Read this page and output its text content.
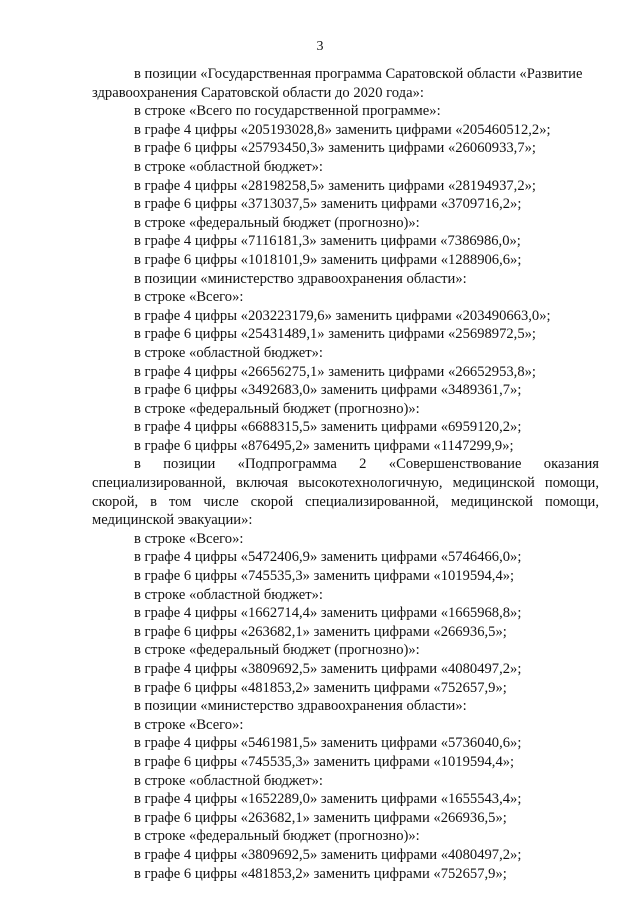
3
в позиции «Государственная программа Саратовской области «Развитие
здравоохранения Саратовской области до 2020 года»:
в строке «Всего по государственной программе»:
в графе 4 цифры «205193028,8» заменить цифрами «205460512,2»;
в графе 6 цифры «25793450,3» заменить цифрами «26060933,7»;
в строке «областной бюджет»:
в графе 4 цифры «28198258,5» заменить цифрами «28194937,2»;
в графе 6 цифры «3713037,5» заменить цифрами «3709716,2»;
в строке «федеральный бюджет (прогнозно)»:
в графе 4 цифры «7116181,3» заменить цифрами «7386986,0»;
в графе 6 цифры «1018101,9» заменить цифрами «1288906,6»;
в позиции «министерство здравоохранения области»:
в строке «Всего»:
в графе 4 цифры «203223179,6» заменить цифрами «203490663,0»;
в графе 6 цифры «25431489,1» заменить цифрами «25698972,5»;
в строке «областной бюджет»:
в графе 4 цифры «26656275,1» заменить цифрами «26652953,8»;
в графе 6 цифры «3492683,0» заменить цифрами «3489361,7»;
в строке «федеральный бюджет (прогнозно)»:
в графе 4 цифры «6688315,5» заменить цифрами «6959120,2»;
в графе 6 цифры «876495,2» заменить цифрами «1147299,9»;
в позиции «Подпрограмма 2 «Совершенствование оказания
специализированной, включая высокотехнологичную, медицинской помощи,
скорой, в том числе скорой специализированной, медицинской помощи,
медицинской эвакуации»:
в строке «Всего»:
в графе 4 цифры «5472406,9» заменить цифрами «5746466,0»;
в графе 6 цифры «745535,3» заменить цифрами «1019594,4»;
в строке «областной бюджет»:
в графе 4 цифры «1662714,4» заменить цифрами «1665968,8»;
в графе 6 цифры «263682,1» заменить цифрами «266936,5»;
в строке «федеральный бюджет (прогнозно)»:
в графе 4 цифры «3809692,5» заменить цифрами «4080497,2»;
в графе 6 цифры «481853,2» заменить цифрами «752657,9»;
в позиции «министерство здравоохранения области»:
в строке «Всего»:
в графе 4 цифры «5461981,5» заменить цифрами «5736040,6»;
в графе 6 цифры «745535,3» заменить цифрами «1019594,4»;
в строке «областной бюджет»:
в графе 4 цифры «1652289,0» заменить цифрами «1655543,4»;
в графе 6 цифры «263682,1» заменить цифрами «266936,5»;
в строке «федеральный бюджет (прогнозно)»:
в графе 4 цифры «3809692,5» заменить цифрами «4080497,2»;
в графе 6 цифры «481853,2» заменить цифрами «752657,9»;
